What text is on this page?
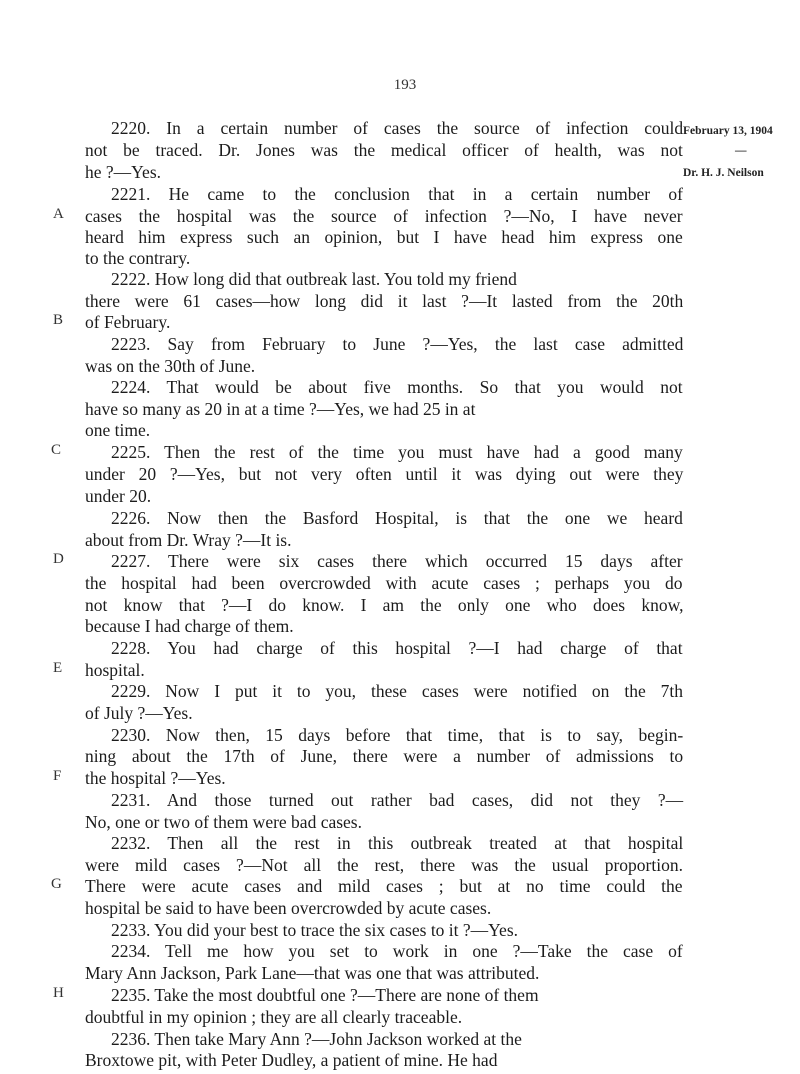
193
2220. In a certain number of cases the source of infection could
not be traced. Dr. Jones was the medical officer of health, was not
he ?—Yes.
2221. He came to the conclusion that in a certain number of
cases the hospital was the source of infection ?—No, I have never
heard him express such an opinion, but I have head him express one
to the contrary.
2222. How long did that outbreak last. You told my friend
there were 61 cases—how long did it last ?—It lasted from the 20th
of February.
2223. Say from February to June ?—Yes, the last case admitted
was on the 30th of June.
2224. That would be about five months. So that you would not
have so many as 20 in at a time ?—Yes, we had 25 in at
one time.
2225. Then the rest of the time you must have had a good many
under 20 ?—Yes, but not very often until it was dying out were they
under 20.
2226. Now then the Basford Hospital, is that the one we heard
about from Dr. Wray ?—It is.
2227. There were six cases there which occurred 15 days after
the hospital had been overcrowded with acute cases ; perhaps you do
not know that ?—I do know. I am the only one who does know,
because I had charge of them.
2228. You had charge of this hospital ?—I had charge of that
hospital.
2229. Now I put it to you, these cases were notified on the 7th
of July ?—Yes.
2230. Now then, 15 days before that time, that is to say, begin-
ning about the 17th of June, there were a number of admissions to
the hospital ?—Yes.
2231. And those turned out rather bad cases, did not they ?—
No, one or two of them were bad cases.
2232. Then all the rest in this outbreak treated at that hospital
were mild cases ?—Not all the rest, there was the usual proportion.
There were acute cases and mild cases ; but at no time could the
hospital be said to have been overcrowded by acute cases.
2233. You did your best to trace the six cases to it ?—Yes.
2234. Tell me how you set to work in one ?—Take the case of
Mary Ann Jackson, Park Lane—that was one that was attributed.
2235. Take the most doubtful one ?—There are none of them
doubtful in my opinion ; they are all clearly traceable.
2236. Then take Mary Ann ?—John Jackson worked at the
Broxtowe pit, with Peter Dudley, a patient of mine. He had
February 13, 1904
—
Dr. H. J. Neilson
A
B
C
D
E
F
G
H
